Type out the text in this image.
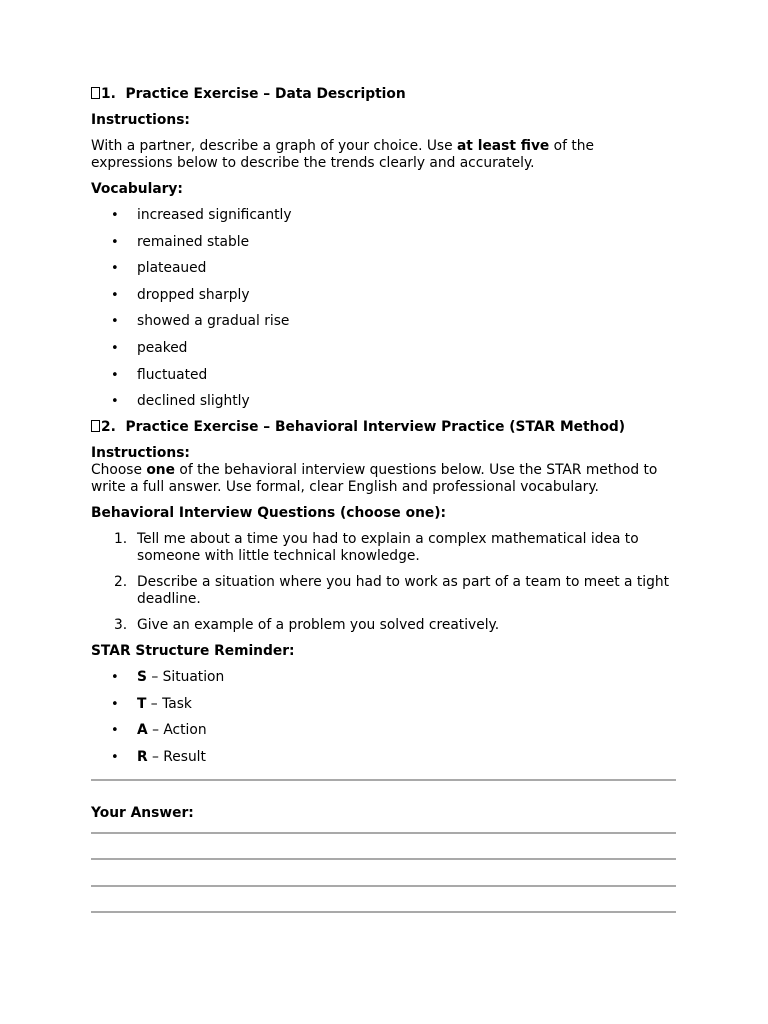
1. Practice Exercise – Data Description
Instructions:

With a partner, describe a graph of your choice. Use at least five of the expressions below to describe the trends clearly and accurately.

Vocabulary:
• increased significantly
• remained stable
• plateaued
• dropped sharply
• showed a gradual rise
• peaked
• fluctuated
• declined slightly
2. Practice Exercise – Behavioral Interview Practice (STAR Method)
Instructions:

Choose one of the behavioral interview questions below. Use the STAR method to write a full answer. Use formal, clear English and professional vocabulary.

Behavioral Interview Questions (choose one):
1. Tell me about a time you had to explain a complex mathematical idea to someone with little technical knowledge.
2. Describe a situation where you had to work as part of a team to meet a tight deadline.
3. Give an example of a problem you solved creatively.
STAR Structure Reminder:
• S – Situation
• T – Task
• A – Action
• R – Result
Your Answer:
